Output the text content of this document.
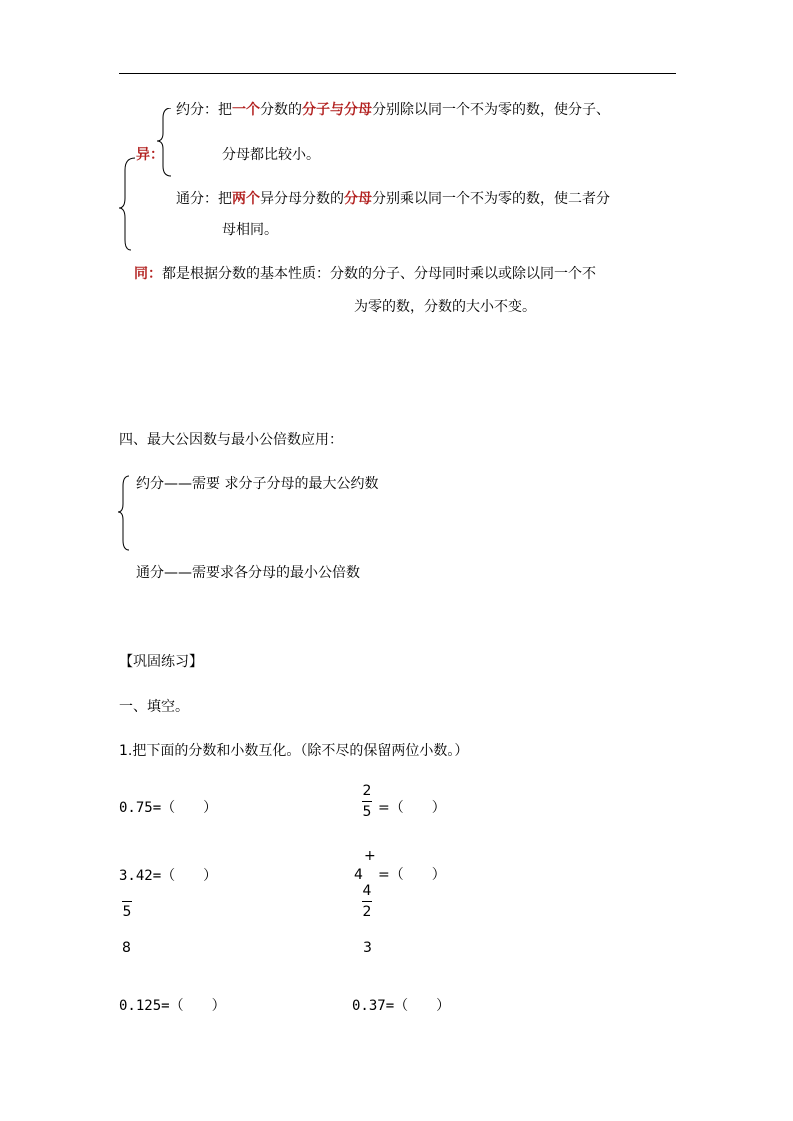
异：
约分：把一个分数的分子与分母分别除以同一个不为零的数，使分子、
分母都比较小。
通分：把两个异分母分数的分母分别乘以同一个不为零的数，使二者分
母相同。
同：都是根据分数的基本性质：分数的分子、分母同时乘以或除以同一个不
为零的数，分数的大小不变。
四、最大公因数与最小公倍数应用：
约分——需要 求分子分母的最大公约数
通分——需要求各分母的最小公倍数
【巩固练习】
一、填空。
1.把下面的分数和小数互化。（除不尽的保留两位小数。）
0.75=（　　）
2
5 =（　　）
3.42=（　　）
+
4 =（　　）
4
2
3
5
8
0.125=（　　）	0.37=（　　）
